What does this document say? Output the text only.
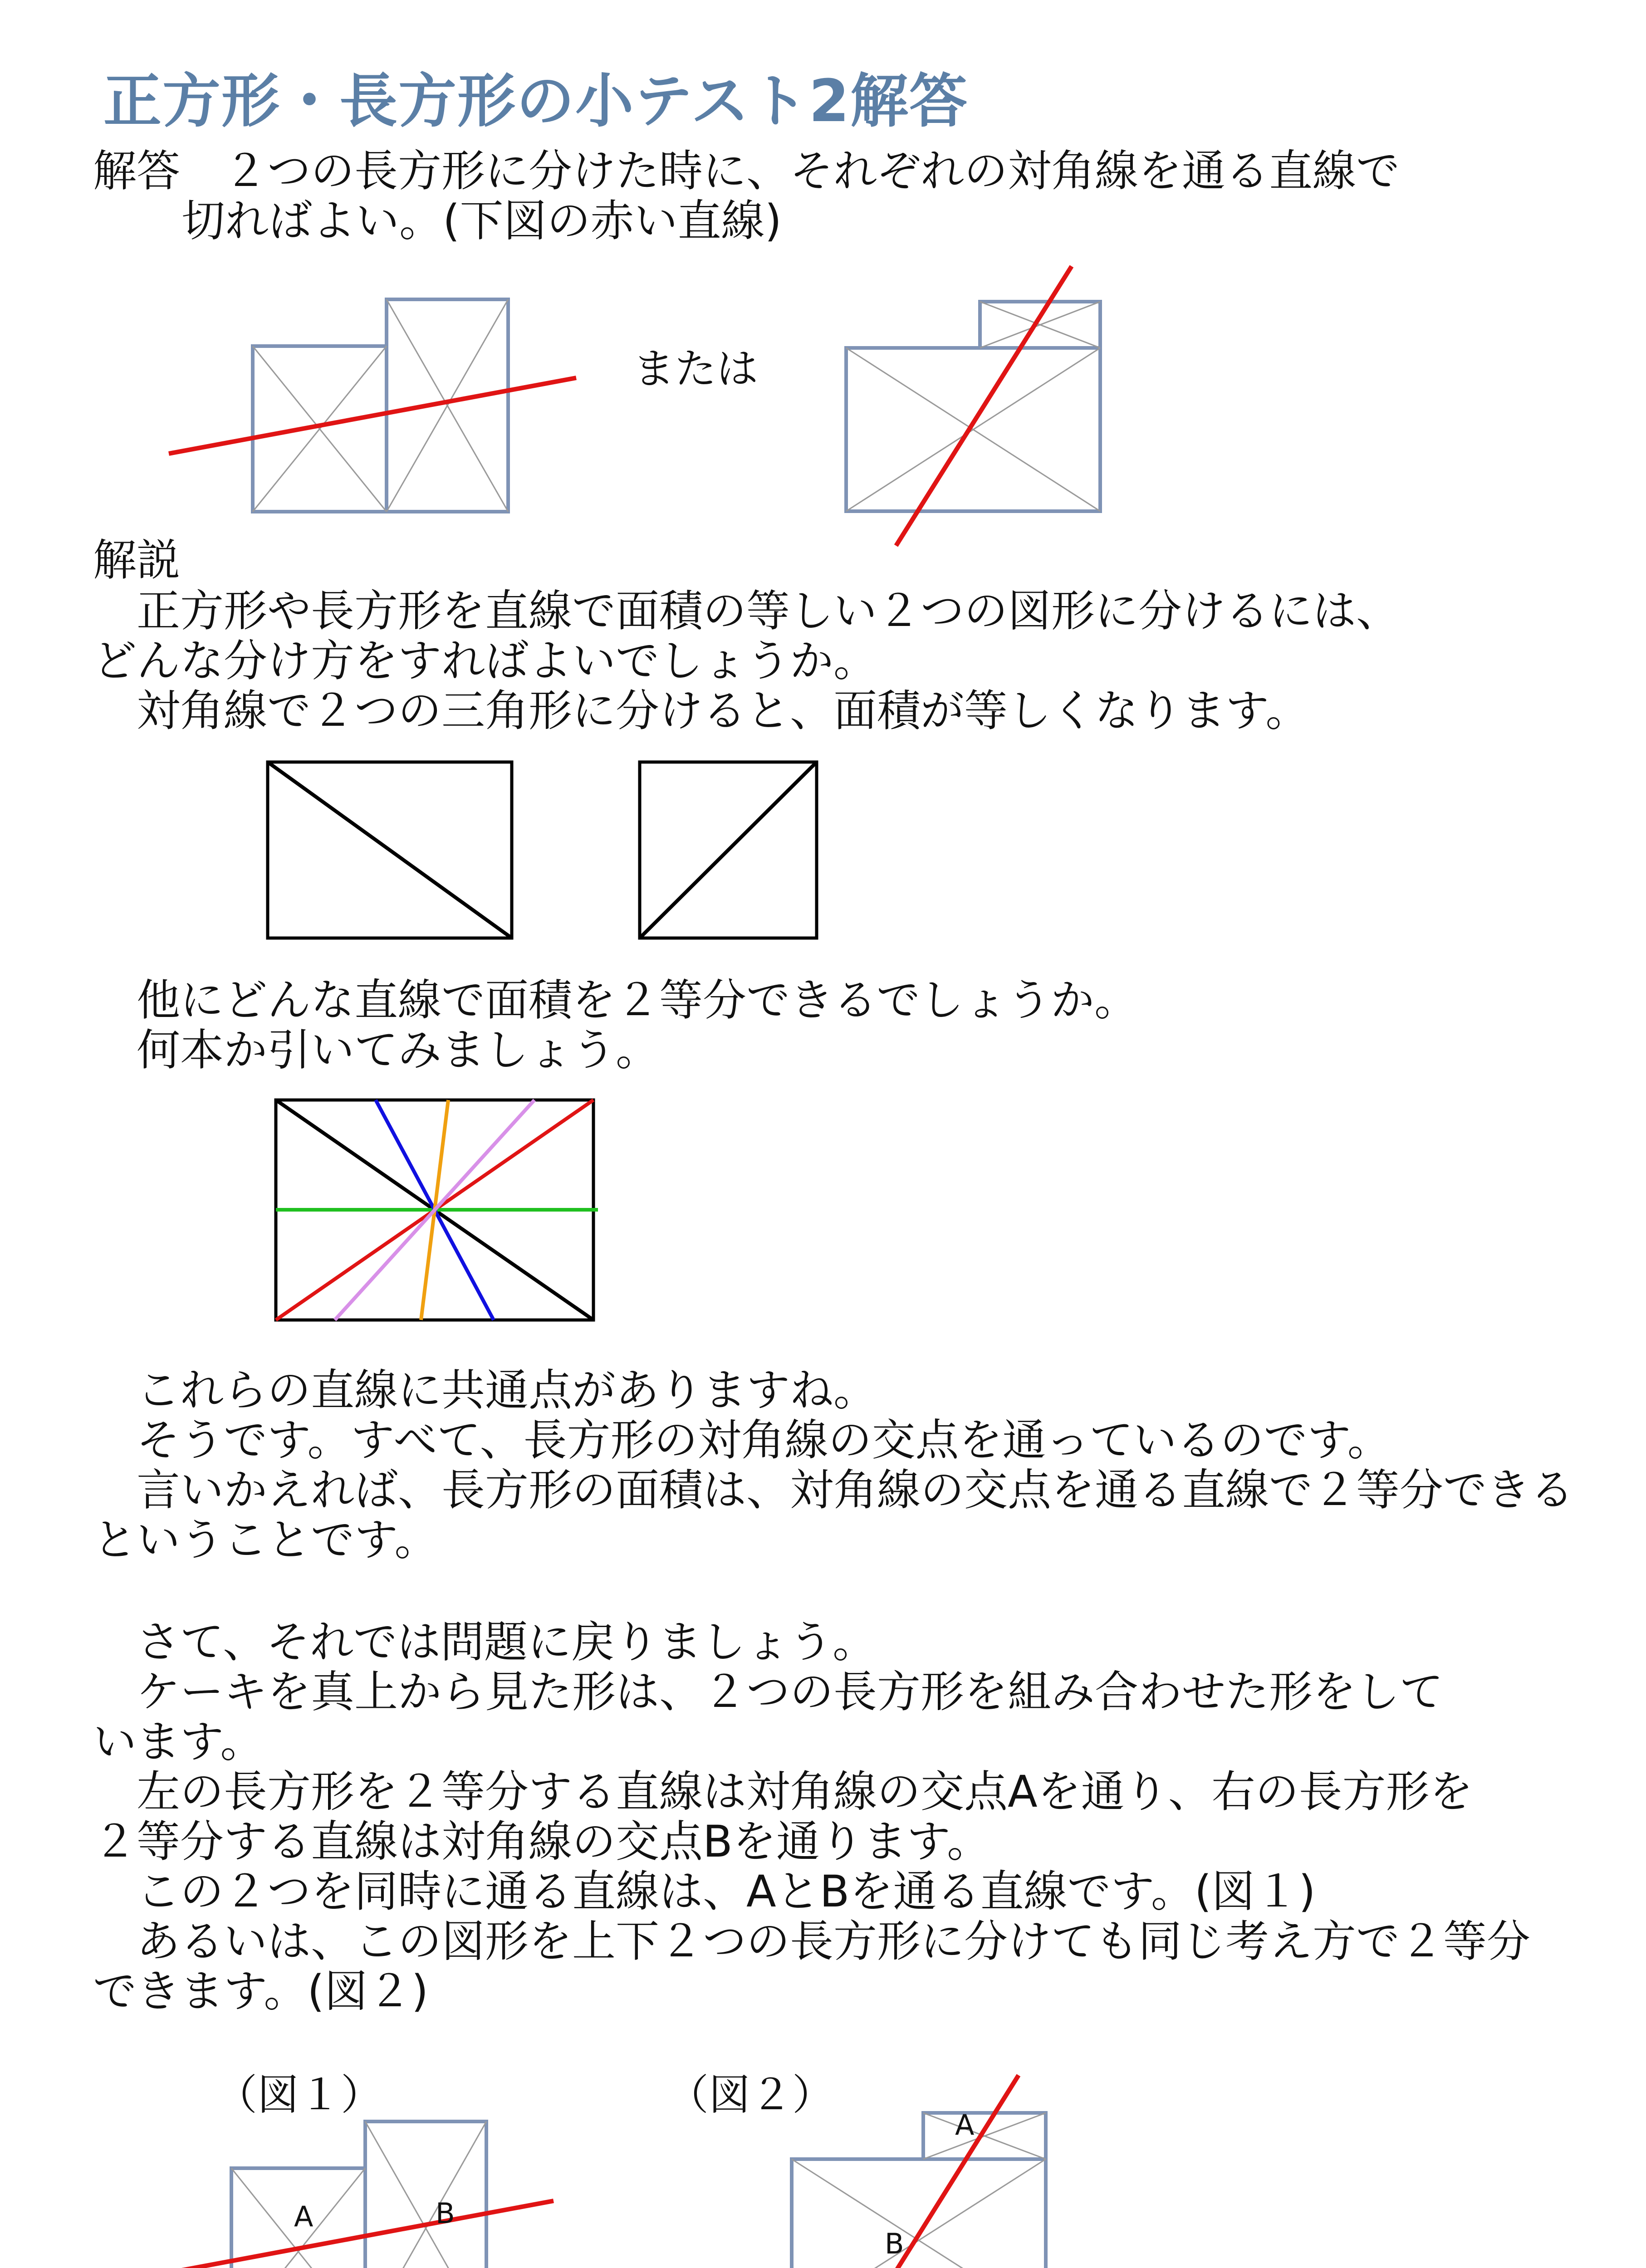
正方形・長方形の小テスト2解答
解答　２つの長方形に分けた時に、それぞれの対角線を通る直線で
切ればよい。(下図の赤い直線)
または
解説
　正方形や長方形を直線で面積の等しい２つの図形に分けるには、
どんな分け方をすればよいでしょうか。
　対角線で２つの三角形に分けると、面積が等しくなります。
　他にどんな直線で面積を２等分できるでしょうか。
　何本か引いてみましょう。
　これらの直線に共通点がありますね。
　そうです。すべて、長方形の対角線の交点を通っているのです。
　言いかえれば、長方形の面積は、対角線の交点を通る直線で２等分できる
ということです。
　さて、それでは問題に戻りましょう。
　ケーキを真上から見た形は、２つの長方形を組み合わせた形をして
います。
　左の長方形を２等分する直線は対角線の交点Aを通り、右の長方形を
２等分する直線は対角線の交点Bを通ります。
　この２つを同時に通る直線は、AとBを通る直線です。(図１)
　あるいは、この図形を上下２つの長方形に分けても同じ考え方で２等分
できます。(図２)
（図１）	（図２）
A	B
A
B
